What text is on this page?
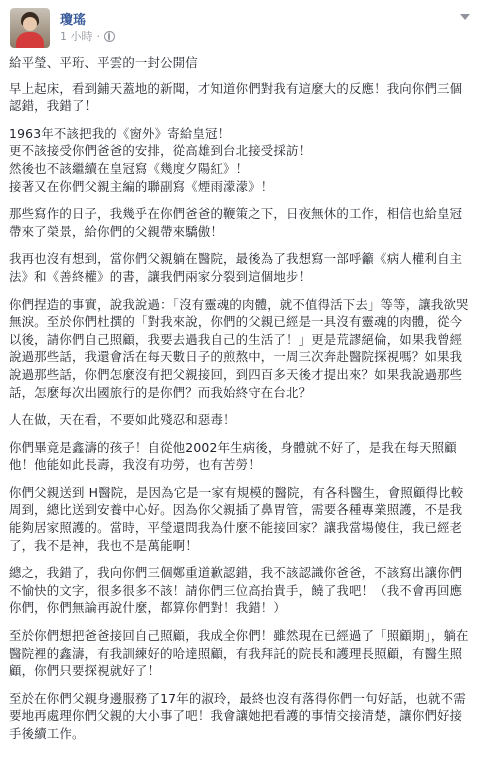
瓊瑤
1 小時 ·

給平瑩、平珩、平雲的一封公開信

早上起床，看到鋪天蓋地的新聞，才知道你們對我有這麼大的反應！我向你們三個認錯，我錯了！

1963年不該把我的《窗外》寄給皇冠！
更不該接受你們爸爸的安排，從高雄到台北接受採訪！
然後也不該繼續在皇冠寫《幾度夕陽紅》！
接著又在你們父親主編的聯副寫《煙雨濛濛》！

那些寫作的日子，我幾乎在你們爸爸的鞭策之下，日夜無休的工作，相信也給皇冠帶來了榮景，給你們的父親帶來驕傲！

我再也沒有想到，當你們父親躺在醫院，最後為了我想寫一部呼籲《病人權利自主法》和《善終權》的書，讓我們兩家分裂到這個地步！

你們捏造的事實，說我說過：「沒有靈魂的肉體，就不值得活下去」等等，讓我欲哭無淚。至於你們杜撰的「對我來說，你們的父親已經是一具沒有靈魂的肉體，從今以後，請你們自己照顧，我要去過我自己的生活了！」更是荒謬絕倫，如果我曾經說過那些話，我還會活在每天數日子的煎熬中，一周三次奔赴醫院探視嗎？如果我說過那些話，你們怎麼沒有把父親接回，到四百多天後才提出來？如果我說過那些話，怎麼每次出國旅行的是你們？而我始終守在台北？

人在做，天在看，不要如此殘忍和惡毒！

你們畢竟是鑫濤的孩子！自從他2002年生病後，身體就不好了，是我在每天照顧他！他能如此長壽，我沒有功勞，也有苦勞！

你們父親送到 H醫院，是因為它是一家有規模的醫院，有各科醫生，會照顧得比較周到，總比送到安養中心好。因為你父親插了鼻胃管，需要各種專業照護，不是我能夠居家照護的。當時，平瑩還問我為什麼不能接回家？讓我當場傻住，我已經老了，我不是神，我也不是萬能啊！

總之，我錯了，我向你們三個鄭重道歉認錯，我不該認識你爸爸，不該寫出讓你們不愉快的文字，很多很多不該！請你們三位高抬貴手，饒了我吧！（我不會再回應你們，你們無論再說什麼，都算你們對！我錯！）

至於你們想把爸爸接回自己照顧，我成全你們！雖然現在已經過了「照顧期」，躺在醫院裡的鑫濤，有我訓練好的哈達照顧，有我拜託的院長和護理長照顧，有醫生照顧，你們只要探視就好了！

至於在你們父親身邊服務了17年的淑玲，最終也沒有落得你們一句好話，也就不需要地再處理你們父親的大小事了吧！我會讓她把看護的事情交接清楚，讓你們好接手後續工作。
